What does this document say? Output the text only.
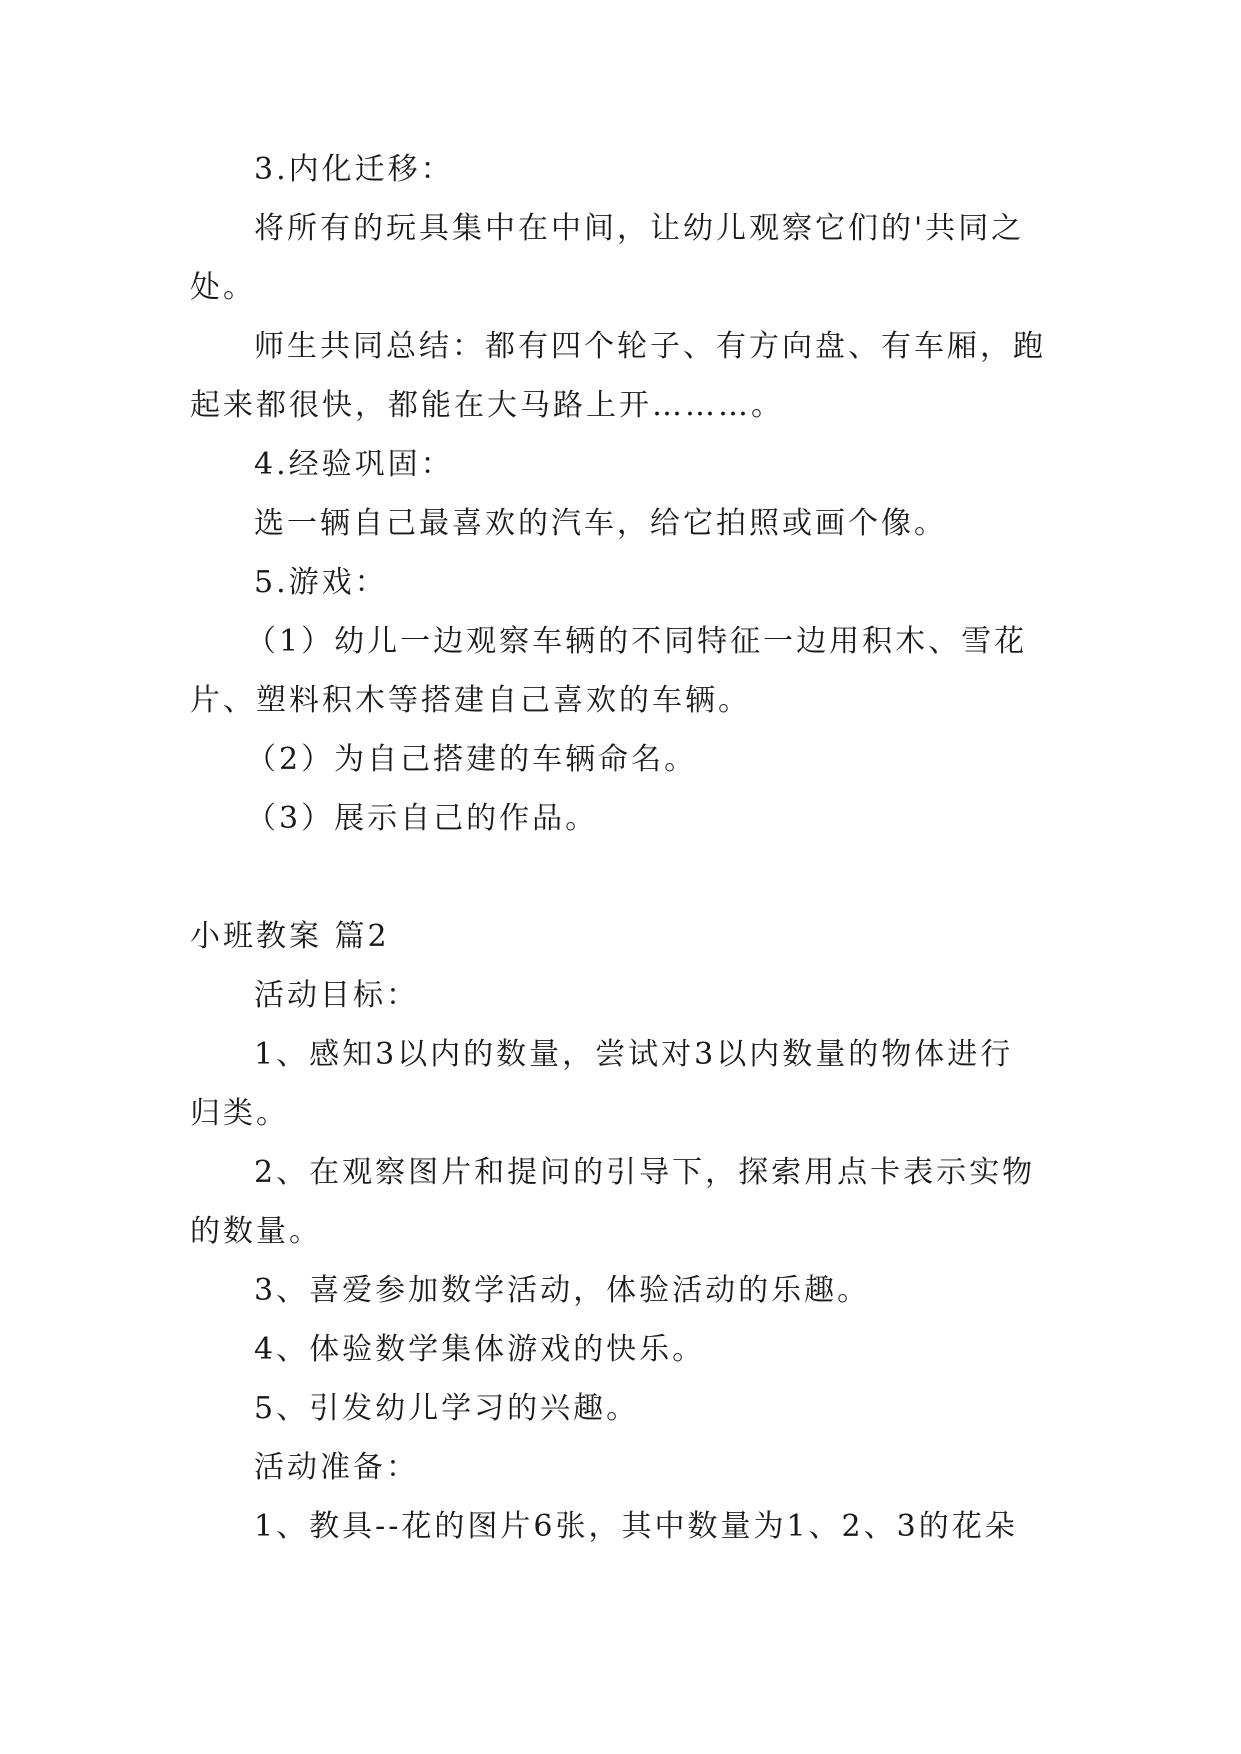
3.内化迁移：
将所有的玩具集中在中间，让幼儿观察它们的'共同之
处。
师生共同总结：都有四个轮子、有方向盘、有车厢，跑
起来都很快，都能在大马路上开………。
4.经验巩固：
选一辆自己最喜欢的汽车，给它拍照或画个像。
5.游戏：
（1）幼儿一边观察车辆的不同特征一边用积木、雪花
片、塑料积木等搭建自己喜欢的车辆。
（2）为自己搭建的车辆命名。
（3）展示自己的作品。
小班教案 篇2
活动目标：
1、感知3以内的数量，尝试对3以内数量的物体进行
归类。
2、在观察图片和提问的引导下，探索用点卡表示实物
的数量。
3、喜爱参加数学活动，体验活动的乐趣。
4、体验数学集体游戏的快乐。
5、引发幼儿学习的兴趣。
活动准备：
1、教具--花的图片6张，其中数量为1、2、3的花朵
